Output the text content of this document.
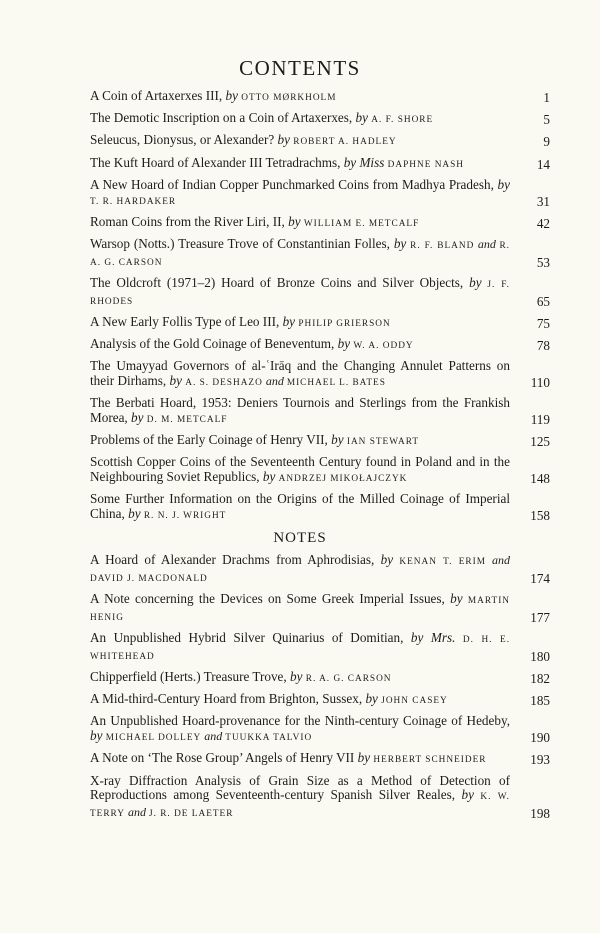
CONTENTS
A Coin of Artaxerxes III, by OTTO MØRKHOLM	1
The Demotic Inscription on a Coin of Artaxerxes, by A. F. SHORE	5
Seleucus, Dionysus, or Alexander? by ROBERT A. HADLEY	9
The Kuft Hoard of Alexander III Tetradrachms, by Miss DAPHNE NASH	14
A New Hoard of Indian Copper Punchmarked Coins from Madhya Pradesh, by T. R. HARDAKER	31
Roman Coins from the River Liri, II, by WILLIAM E. METCALF	42
Warsop (Notts.) Treasure Trove of Constantinian Folles, by R. F. BLAND and R. A. G. CARSON	53
The Oldcroft (1971–2) Hoard of Bronze Coins and Silver Objects, by J. F. RHODES	65
A New Early Follis Type of Leo III, by PHILIP GRIERSON	75
Analysis of the Gold Coinage of Beneventum, by W. A. ODDY	78
The Umayyad Governors of al-ʿIrāq and the Changing Annulet Patterns on their Dirhams, by A. S. DESHAZO and MICHAEL L. BATES	110
The Berbati Hoard, 1953: Deniers Tournois and Sterlings from the Frankish Morea, by D. M. METCALF	119
Problems of the Early Coinage of Henry VII, by IAN STEWART	125
Scottish Copper Coins of the Seventeenth Century found in Poland and in the Neighbouring Soviet Republics, by ANDRZEJ MIKOŁAJCZYK	148
Some Further Information on the Origins of the Milled Coinage of Imperial China, by R. N. J. WRIGHT	158
NOTES
A Hoard of Alexander Drachms from Aphrodisias, by KENAN T. ERIM and DAVID J. MACDONALD	174
A Note concerning the Devices on Some Greek Imperial Issues, by MARTIN HENIG	177
An Unpublished Hybrid Silver Quinarius of Domitian, by Mrs. D. H. E. WHITEHEAD	180
Chipperfield (Herts.) Treasure Trove, by R. A. G. CARSON	182
A Mid-third-Century Hoard from Brighton, Sussex, by JOHN CASEY	185
An Unpublished Hoard-provenance for the Ninth-century Coinage of Hedeby, by MICHAEL DOLLEY and TUUKKA TALVIO	190
A Note on ‘The Rose Group’ Angels of Henry VII by HERBERT SCHNEIDER	193
X-ray Diffraction Analysis of Grain Size as a Method of Detection of Reproductions among Seventeenth-century Spanish Silver Reales, by K. W. TERRY and J. R. DE LAETER	198
